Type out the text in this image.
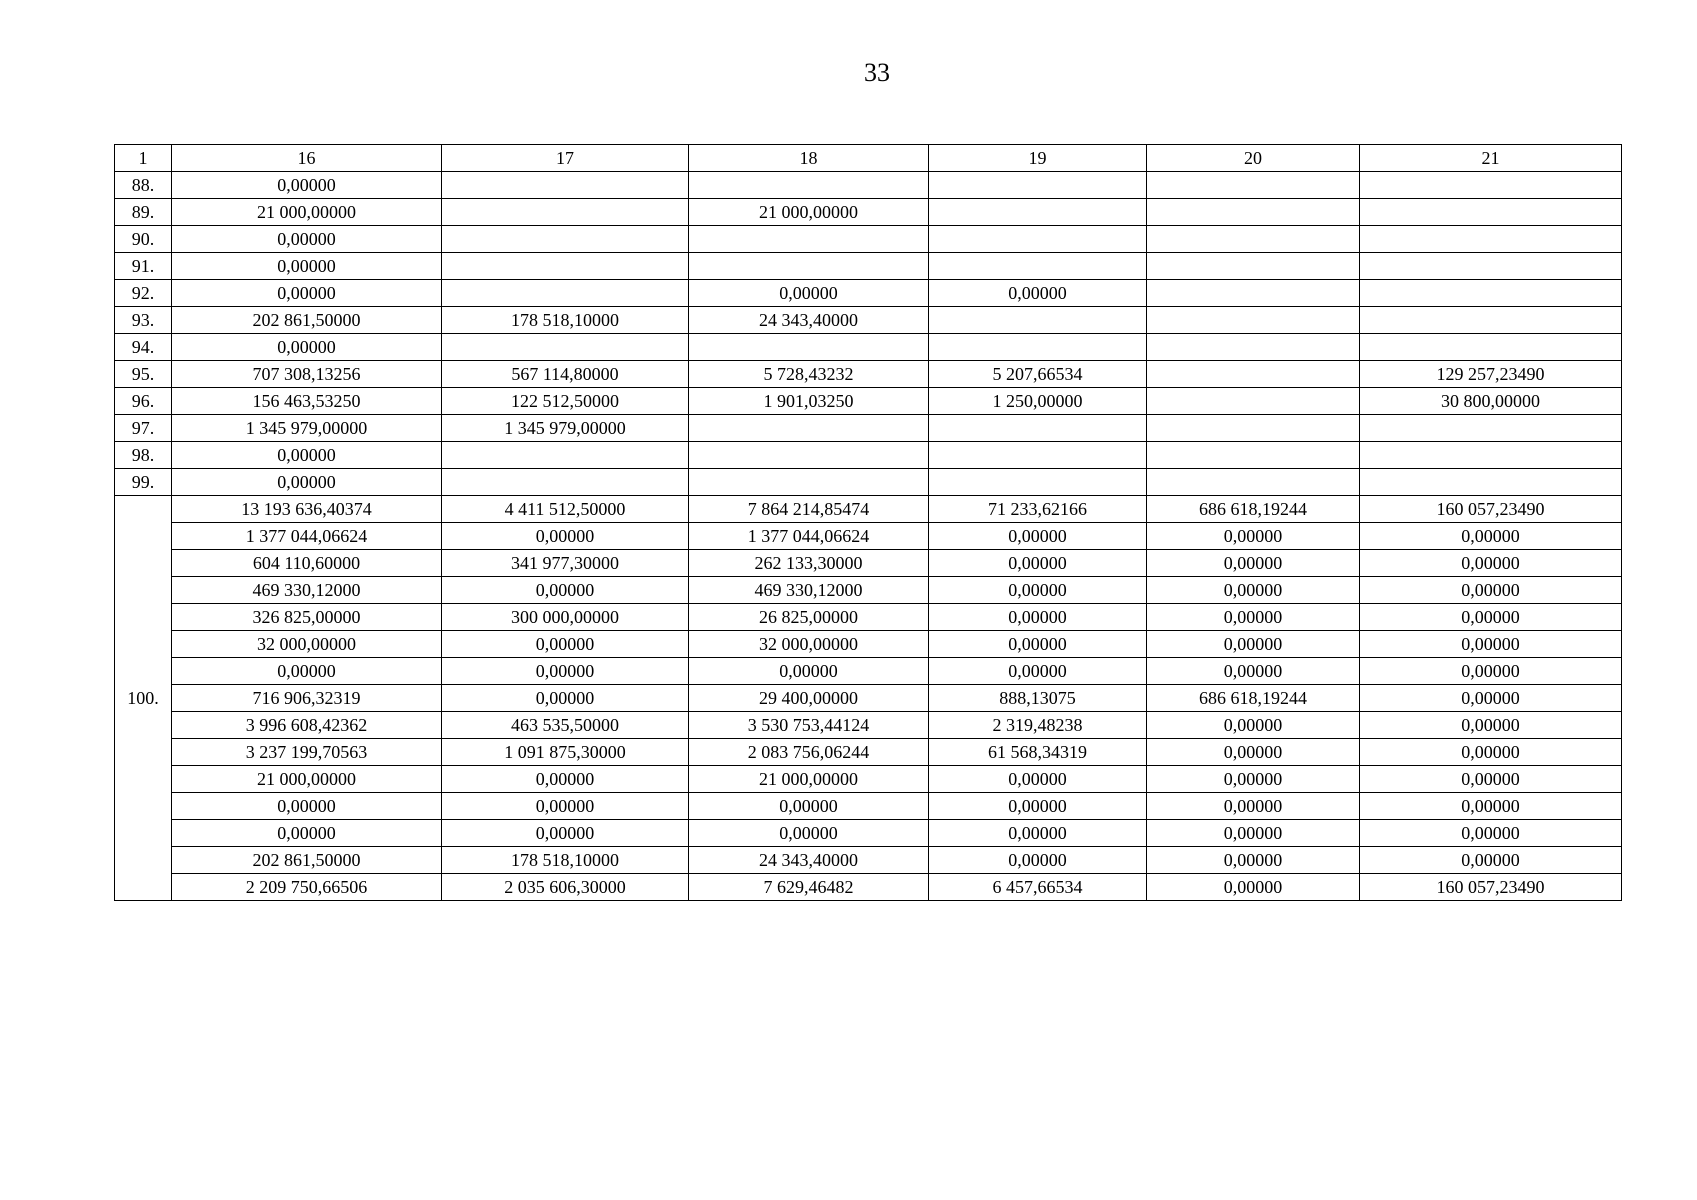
33
1	16	17	18	19	20	21
88.	0,00000					
89.	21 000,00000		21 000,00000			
90.	0,00000					
91.	0,00000					
92.	0,00000		0,00000	0,00000		
93.	202 861,50000	178 518,10000	24 343,40000			
94.	0,00000					
95.	707 308,13256	567 114,80000	5 728,43232	5 207,66534		129 257,23490
96.	156 463,53250	122 512,50000	1 901,03250	1 250,00000		30 800,00000
97.	1 345 979,00000	1 345 979,00000				
98.	0,00000					
99.	0,00000					
100.	13 193 636,40374	4 411 512,50000	7 864 214,85474	71 233,62166	686 618,19244	160 057,23490
	1 377 044,06624	0,00000	1 377 044,06624	0,00000	0,00000	0,00000
	604 110,60000	341 977,30000	262 133,30000	0,00000	0,00000	0,00000
	469 330,12000	0,00000	469 330,12000	0,00000	0,00000	0,00000
	326 825,00000	300 000,00000	26 825,00000	0,00000	0,00000	0,00000
	32 000,00000	0,00000	32 000,00000	0,00000	0,00000	0,00000
	0,00000	0,00000	0,00000	0,00000	0,00000	0,00000
	716 906,32319	0,00000	29 400,00000	888,13075	686 618,19244	0,00000
	3 996 608,42362	463 535,50000	3 530 753,44124	2 319,48238	0,00000	0,00000
	3 237 199,70563	1 091 875,30000	2 083 756,06244	61 568,34319	0,00000	0,00000
	21 000,00000	0,00000	21 000,00000	0,00000	0,00000	0,00000
	0,00000	0,00000	0,00000	0,00000	0,00000	0,00000
	0,00000	0,00000	0,00000	0,00000	0,00000	0,00000
	202 861,50000	178 518,10000	24 343,40000	0,00000	0,00000	0,00000
	2 209 750,66506	2 035 606,30000	7 629,46482	6 457,66534	0,00000	160 057,23490
